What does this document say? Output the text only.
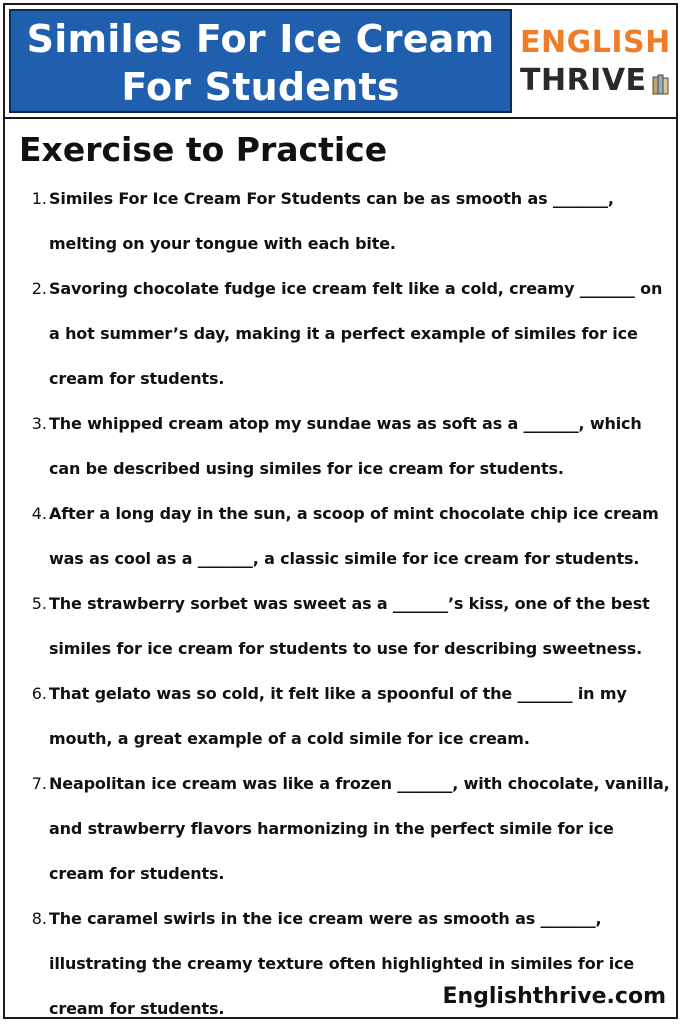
Similes For Ice Cream
For Students
ENGLISH
THRIVE
Exercise to Practice
1. Similes For Ice Cream For Students can be as smooth as _______, melting on your tongue with each bite.
2. Savoring chocolate fudge ice cream felt like a cold, creamy _______ on a hot summer’s day, making it a perfect example of similes for ice cream for students.
3. The whipped cream atop my sundae was as soft as a _______, which can be described using similes for ice cream for students.
4. After a long day in the sun, a scoop of mint chocolate chip ice cream was as cool as a _______, a classic simile for ice cream for students.
5. The strawberry sorbet was sweet as a _______’s kiss, one of the best similes for ice cream for students to use for describing sweetness.
6. That gelato was so cold, it felt like a spoonful of the _______ in my mouth, a great example of a cold simile for ice cream.
7. Neapolitan ice cream was like a frozen _______, with chocolate, vanilla, and strawberry flavors harmonizing in the perfect simile for ice cream for students.
8. The caramel swirls in the ice cream were as smooth as _______, illustrating the creamy texture often highlighted in similes for ice cream for students.	Englishthrive.com
